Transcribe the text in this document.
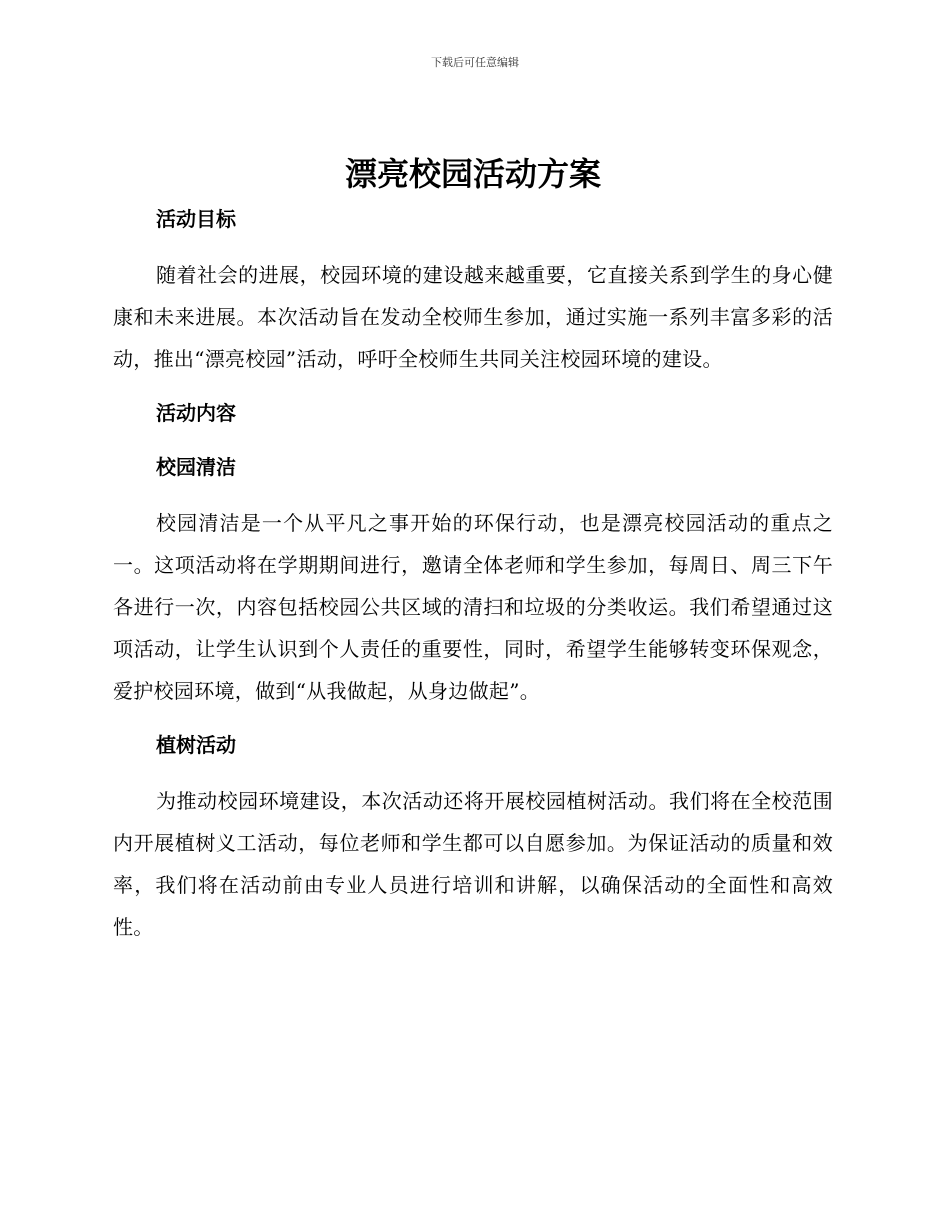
下载后可任意编辑
漂亮校园活动方案
活动目标

随着社会的进展，校园环境的建设越来越重要，它直接关系到学生的身心健康和未来进展。本次活动旨在发动全校师生参加，通过实施一系列丰富多彩的活动，推出“漂亮校园”活动，呼吁全校师生共同关注校园环境的建设。

活动内容
校园清洁

校园清洁是一个从平凡之事开始的环保行动，也是漂亮校园活动的重点之一。这项活动将在学期期间进行，邀请全体老师和学生参加，每周日、周三下午各进行一次，内容包括校园公共区域的清扫和垃圾的分类收运。我们希望通过这项活动，让学生认识到个人责任的重要性，同时，希望学生能够转变环保观念，爱护校园环境，做到“从我做起，从身边做起”。

植树活动

为推动校园环境建设，本次活动还将开展校园植树活动。我们将在全校范围内开展植树义工活动，每位老师和学生都可以自愿参加。为保证活动的质量和效率，我们将在活动前由专业人员进行培训和讲解，以确保活动的全面性和高效性。
